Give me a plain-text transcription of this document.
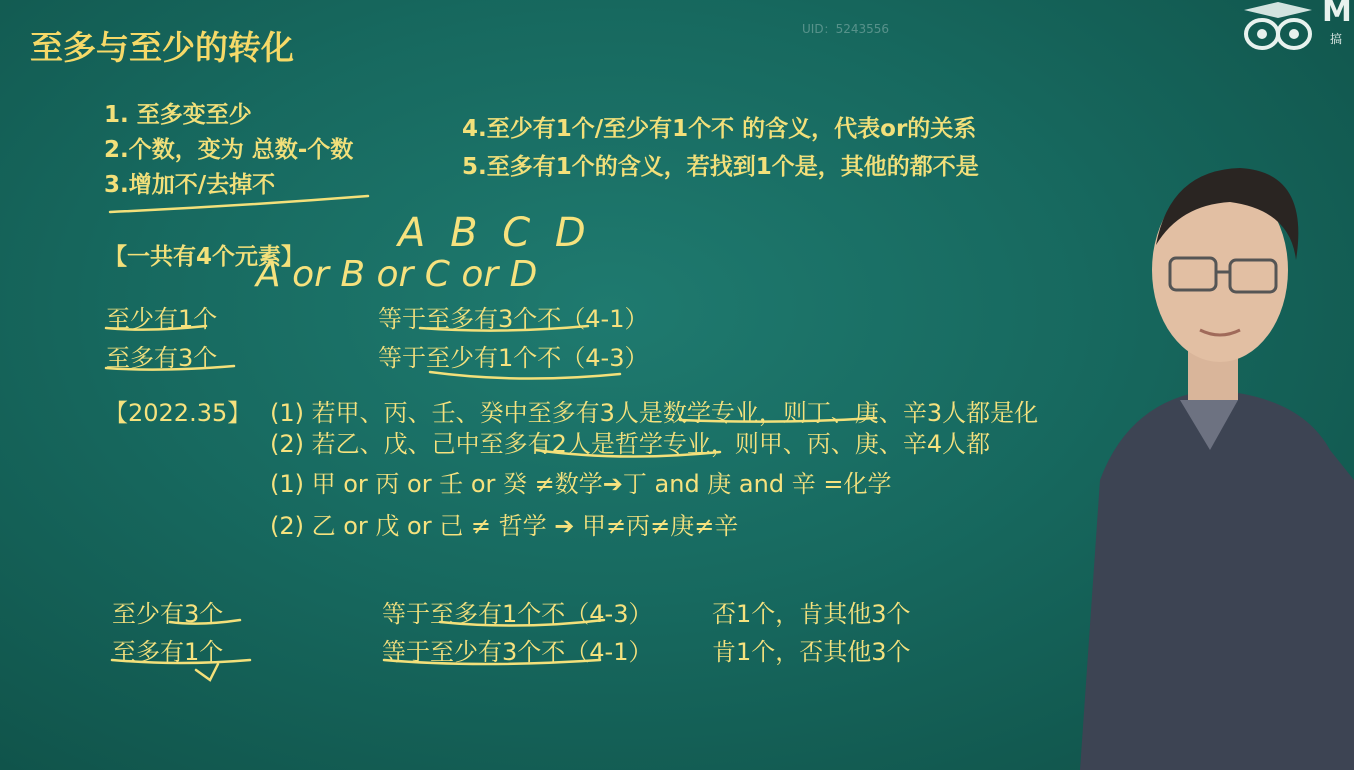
至多与至少的转化	UID：5243556	M
搞
1. 至多变至少
2.个数，变为 总数-个数
3.增加不/去掉不
4.至少有1个/至少有1个不 的含义，代表or的关系
5.至多有1个的含义，若找到1个是，其他的都不是
【一共有4个元素】
A B C D
A or B or C or D
至少有1个	等于至多有3个不（4-1）
至多有3个	等于至少有1个不（4-3）
【2022.35】 (1) 若甲、丙、壬、癸中至多有3人是数学专业，则丁、庚、辛3人都是化
(2) 若乙、戊、己中至多有2人是哲学专业，则甲、丙、庚、辛4人都
(1) 甲 or 丙 or 壬 or 癸 ≠数学➔丁 and 庚 and 辛 =化学
(2) 乙 or 戊 or 己 ≠ 哲学 ➔ 甲≠丙≠庚≠辛
至少有3个	等于至多有1个不（4-3） 否1个，肯其他3个
至多有1个	等于至少有3个不（4-1） 肯1个，否其他3个
